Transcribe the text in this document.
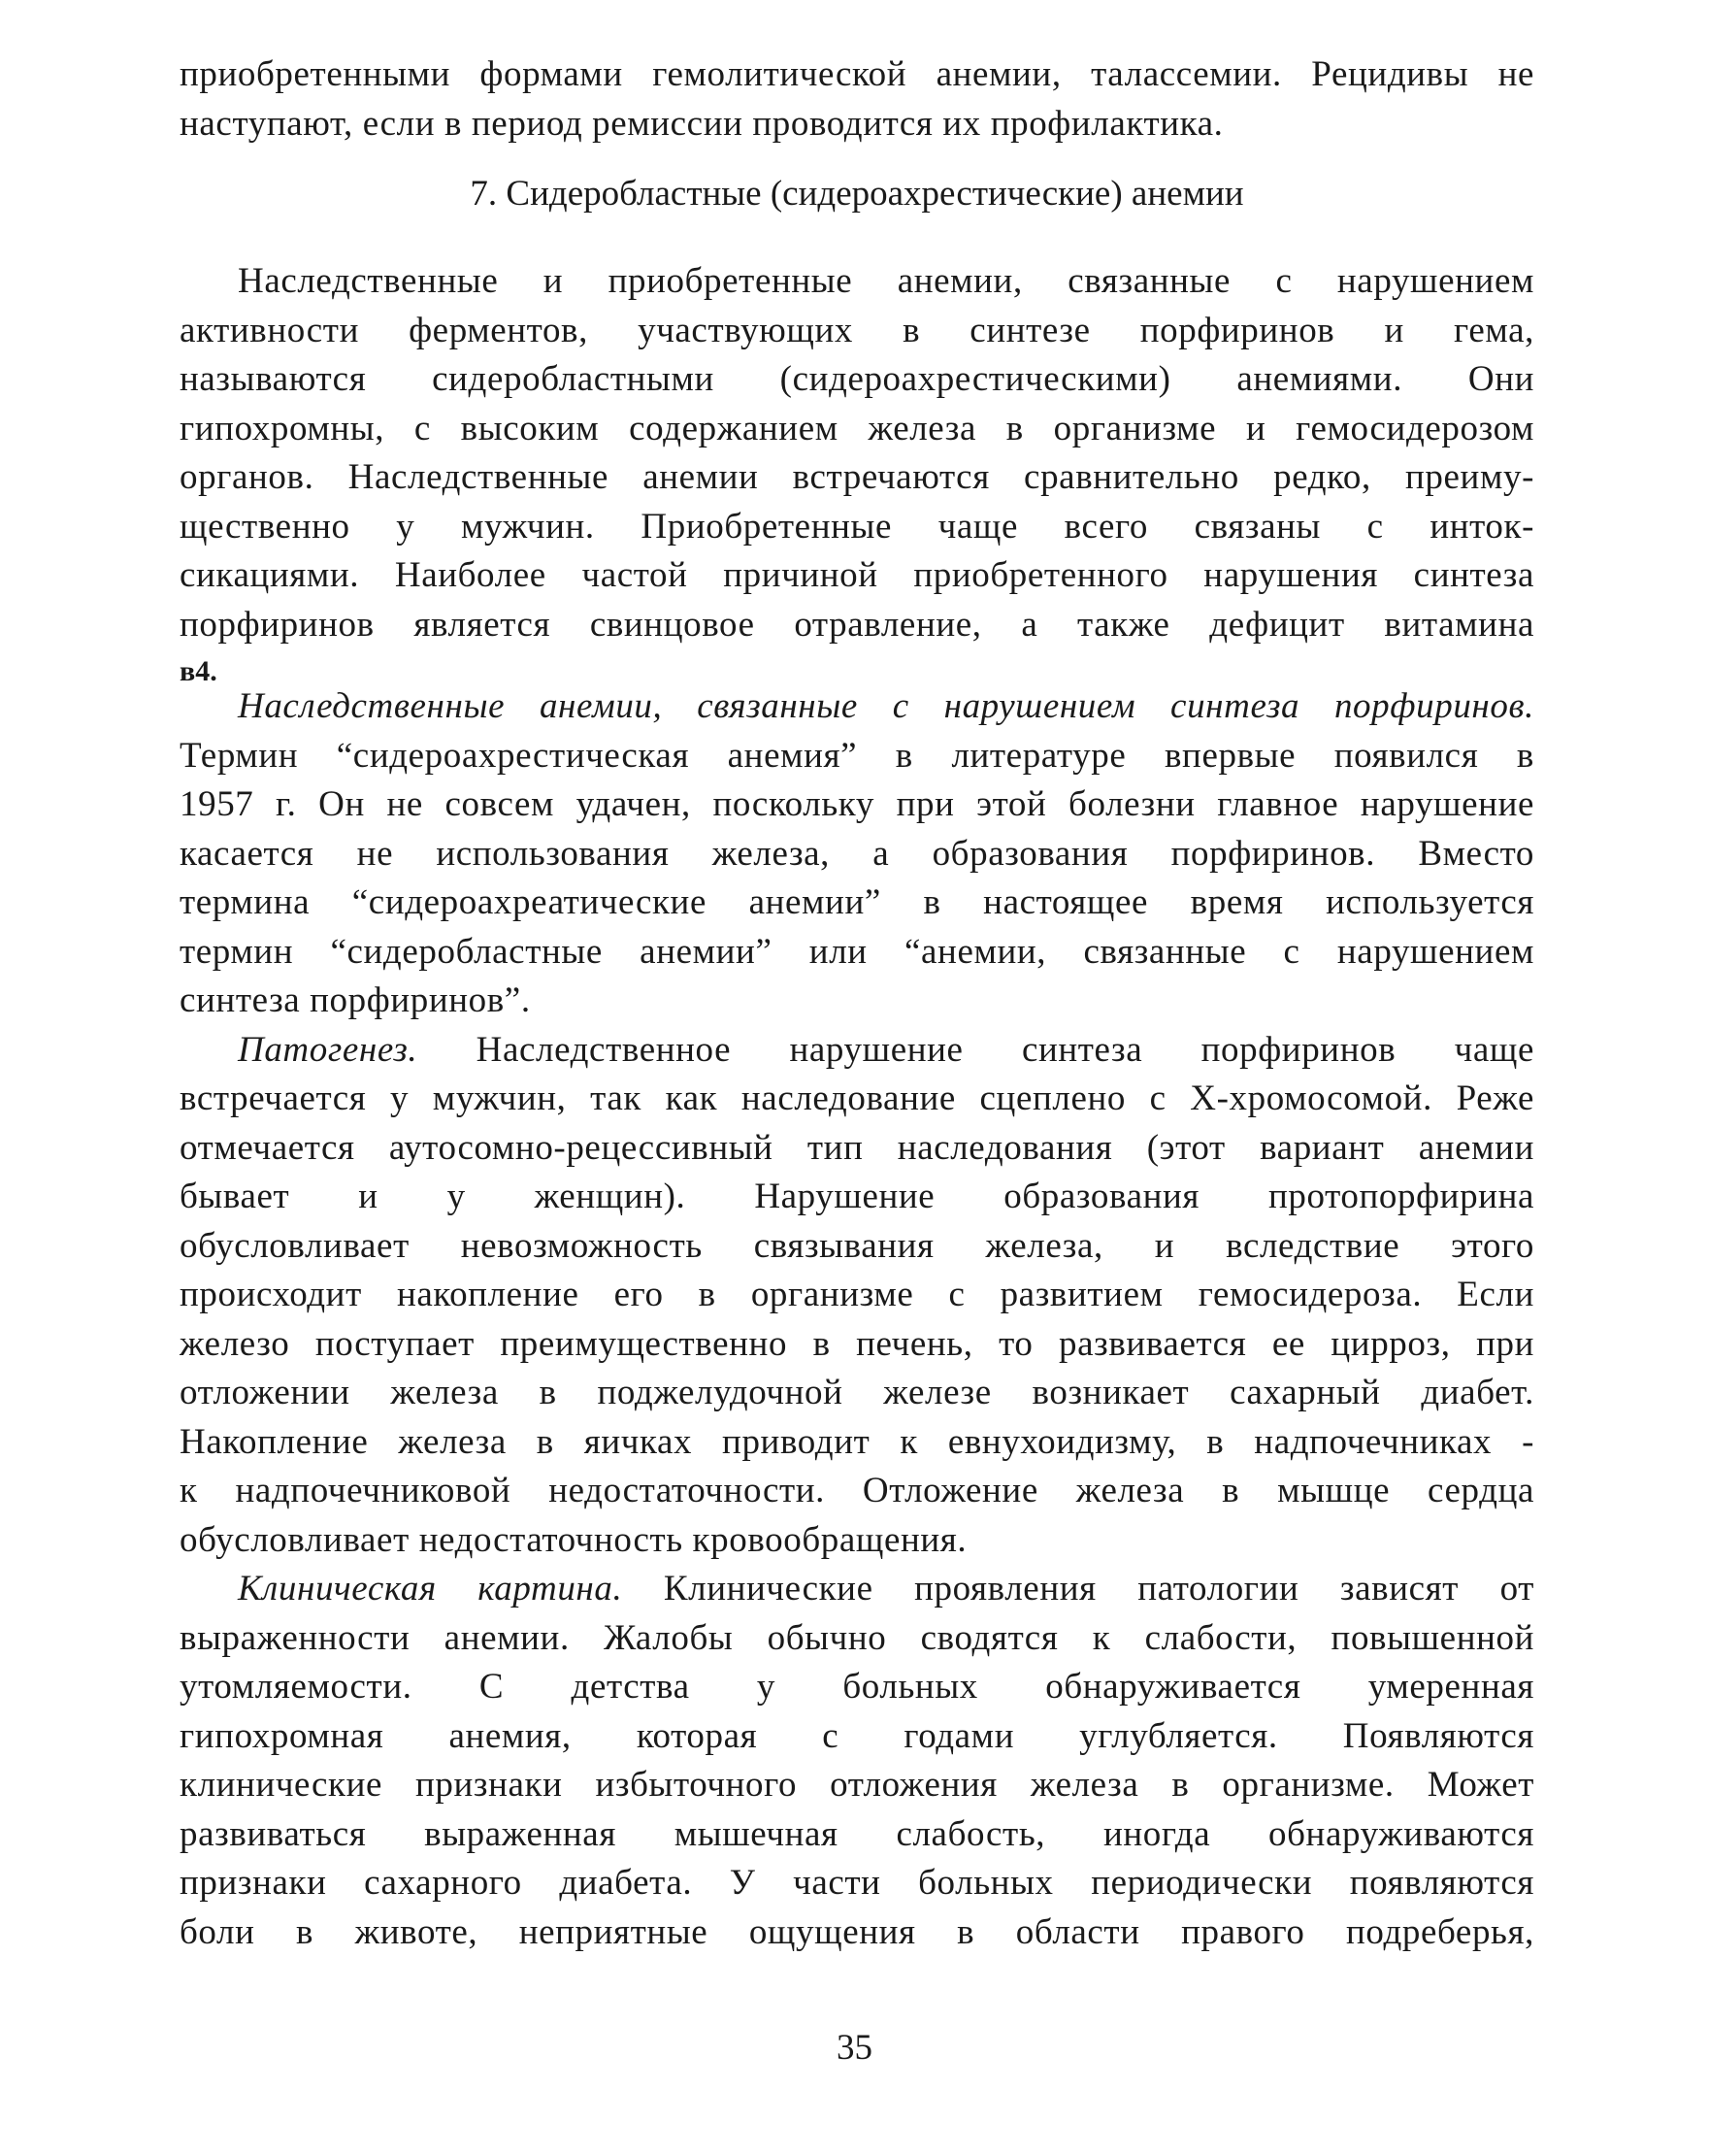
приобретенными формами гемолитической анемии, талассемии. Рецидивы не
наступают, если в период ремиссии проводится их профилактика.
7. Сидеробластные (сидероахрестические) анемии
Наследственные и приобретенные анемии, связанные с нарушением
активности ферментов, участвующих в синтезе порфиринов и гема,
называются сидеробластными (сидероахрестическими) анемиями. Они
гипохромны, с высоким содержанием железа в организме и гемосидерозом
органов. Наследственные анемии встречаются сравнительно редко, преиму-
щественно у мужчин. Приобретенные чаще всего связаны с инток-
сикациями. Наиболее частой причиной приобретенного нарушения синтеза
порфиринов является свинцовое отравление, а также дефицит витамина
в4.
Наследственные анемии, связанные с нарушением синтеза порфиринов.
Термин “сидероахрестическая анемия” в литературе впервые появился в
1957 г. Он не совсем удачен, поскольку при этой болезни главное нарушение
касается не использования железа, а образования порфиринов. Вместо
термина “сидероахреатические анемии” в настоящее время используется
термин “сидеробластные анемии” или “анемии, связанные с нарушением
синтеза порфиринов”.
Патогенез. Наследственное нарушение синтеза порфиринов чаще
встречается у мужчин, так как наследование сцеплено с Х-хромосомой. Реже
отмечается аутосомно-рецессивный тип наследования (этот вариант анемии
бывает и у женщин). Нарушение образования протопорфирина
обусловливает невозможность связывания железа, и вследствие этого
происходит накопление его в организме с развитием гемосидероза. Если
железо поступает преимущественно в печень, то развивается ее цирроз, при
отложении железа в поджелудочной железе возникает сахарный диабет.
Накопление железа в яичках приводит к евнухоидизму, в надпочечниках -
к надпочечниковой недостаточности. Отложение железа в мышце сердца
обусловливает недостаточность кровообращения.
Клиническая картина. Клинические проявления патологии зависят от
выраженности анемии. Жалобы обычно сводятся к слабости, повышенной
утомляемости. С детства у больных обнаруживается умеренная
гипохромная анемия, которая с годами углубляется. Появляются
клинические признаки избыточного отложения железа в организме. Может
развиваться выраженная мышечная слабость, иногда обнаруживаются
признаки сахарного диабета. У части больных периодически появляются
боли в животе, неприятные ощущения в области правого подреберья,
35
